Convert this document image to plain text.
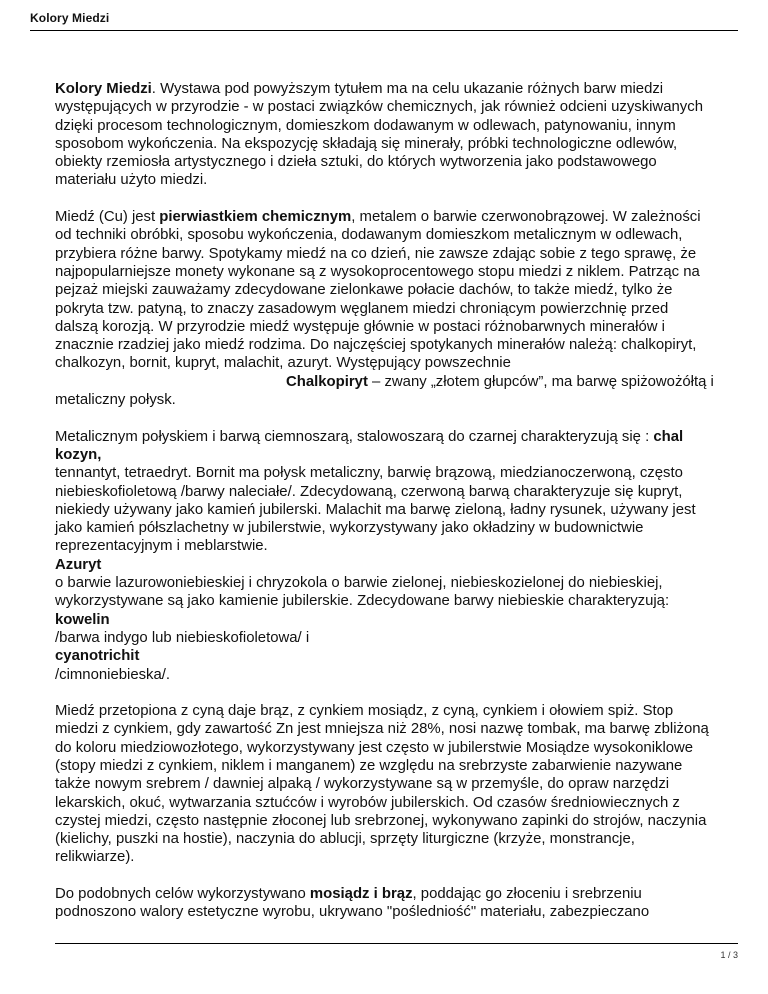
Kolory Miedzi

Kolory Miedzi. Wystawa pod powyższym tytułem ma na celu ukazanie różnych barw miedzi występujących w przyrodzie - w postaci związków chemicznych, jak również odcieni uzyskiwanych dzięki procesom technologicznym, domieszkom dodawanym w odlewach, patynowaniu, innym sposobom wykończenia. Na ekspozycję składają się minerały, próbki technologiczne odlewów, obiekty rzemiosła artystycznego i dzieła sztuki, do których wytworzenia jako podstawowego materiału użyto miedzi.

Miedź (Cu) jest pierwiastkiem chemicznym, metalem o barwie czerwonobrązowej. W zależności od techniki obróbki, sposobu wykończenia, dodawanym domieszkom metalicznym w odlewach, przybiera różne barwy. Spotykamy miedź na co dzień, nie zawsze zdając sobie z tego sprawę, że najpopularniejsze monety wykonane są z wysokoprocentowego stopu miedzi z niklem. Patrząc na pejzaż miejski zauważamy zdecydowane zielonkawe połacie dachów, to także miedź, tylko że pokryta tzw. patyną, to znaczy zasadowym węglanem miedzi chroniącym powierzchnię przed dalszą korozją. W przyrodzie miedź występuje głównie w postaci różnobarwnych minerałów i znacznie rzadziej jako miedź rodzima. Do najczęściej spotykanych minerałów należą: chalkopiryt, chalkozyn, bornit, kupryt, malachit, azuryt. Występujący powszechnieChalkopiryt – zwany „złotem głupców”, ma barwę spiżowożółtą i metaliczny połysk.

Metalicznym połyskiem i barwą ciemnoszarą, stalowoszarą do czarnej charakteryzują się : chal kozyn,
tennantyt, tetraedryt. Bornit ma połysk metaliczny, barwię brązową, miedzianoczerwoną, często niebieskofioletową /barwy naleciałe/. Zdecydowaną, czerwoną barwą charakteryzuje się kupryt, niekiedy używany jako kamień jubilerski. Malachit ma barwę zieloną, ładny rysunek, używany jest jako kamień półszlachetny w jubilerstwie, wykorzystywany jako okładziny w budownictwie reprezentacyjnym i meblarstwie.
Azuryt
o barwie lazurowoniebieskiej i chryzokola o barwie zielonej, niebieskozielonej do niebieskiej, wykorzystywane są jako kamienie jubilerskie. Zdecydowane barwy niebieskie charakteryzują:
kowelin
/barwa indygo lub niebieskofioletowa/ i
cyanotrichit
/cimnoniebieska/.

Miedź przetopiona z cyną daje brąz, z cynkiem mosiądz, z cyną, cynkiem i ołowiem spiż. Stop miedzi z cynkiem, gdy zawartość Zn jest mniejsza niż 28%, nosi nazwę tombak, ma barwę zbliżoną do koloru miedziowozłotego, wykorzystywany jest często w jubilerstwie Mosiądze wysokoniklowe (stopy miedzi z cynkiem, niklem i manganem) ze względu na srebrzyste zabarwienie nazywane także nowym srebrem / dawniej alpaką / wykorzystywane są w przemyśle, do opraw narzędzi lekarskich, okuć, wytwarzania sztućców i wyrobów jubilerskich. Od czasów średniowiecznych z czystej miedzi, często następnie złoconej lub srebrzonej, wykonywano zapinki do strojów, naczynia (kielichy, puszki na hostie), naczynia do ablucji, sprzęty liturgiczne (krzyże, monstrancje, relikwiarze).

Do podobnych celów wykorzystywano mosiądz i brąz, poddając go złoceniu i srebrzeniu podnoszono walory estetyczne wyrobu, ukrywano "pośledniość" materiału, zabezpieczano

1 / 3
